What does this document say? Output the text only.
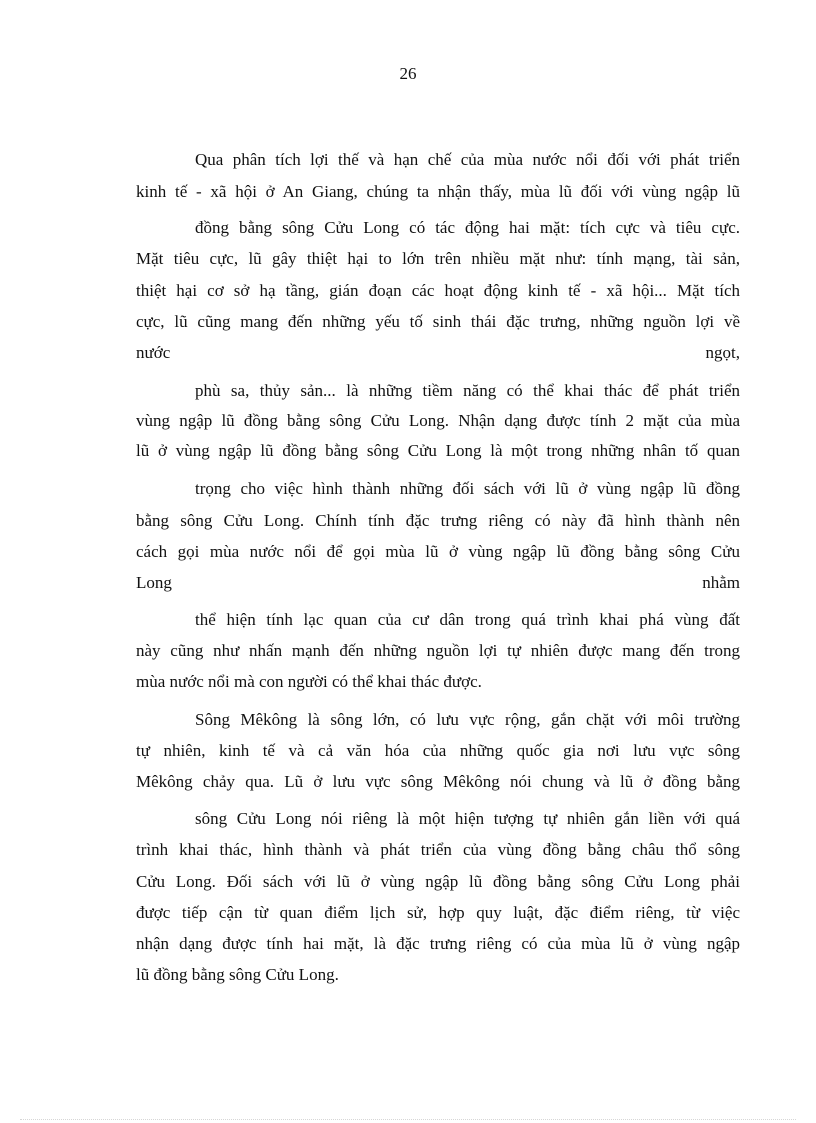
26
Qua phân tích lợi thế và hạn chế của mùa nước nổi đối với phát triển
kinh tế - xã hội ở An Giang, chúng ta nhận thấy, mùa lũ đối với vùng ngập lũ
đồng bằng sông Cửu Long có tác động hai mặt: tích cực và tiêu cực.
Mặt tiêu cực, lũ gây thiệt hại to lớn trên nhiều mặt như: tính mạng, tài sản,
thiệt hại cơ sở hạ tầng, gián đoạn các hoạt động kinh tế - xã hội... Mặt tích
cực, lũ cũng mang đến những yếu tố sinh thái đặc trưng, những nguồn lợi về
nước ngọt,
phù sa, thủy sản... là những tiềm năng có thể khai thác để phát triển
vùng ngập lũ đồng bằng sông Cửu Long. Nhận dạng được tính 2 mặt của mùa
lũ ở vùng ngập lũ đồng bằng sông Cửu Long là một trong những nhân tố quan
trọng cho việc hình thành những đối sách với lũ ở vùng ngập lũ đồng
bằng sông Cửu Long. Chính tính đặc trưng riêng có này đã hình thành nên
cách gọi mùa nước nổi để gọi mùa lũ ở vùng ngập lũ đồng bằng sông Cửu
Long nhằm
thể hiện tính lạc quan của cư dân trong quá trình khai phá vùng đất
này cũng như nhấn mạnh đến những nguồn lợi tự nhiên được mang đến trong
mùa nước nổi mà con người có thể khai thác được.
Sông Mêkông là sông lớn, có lưu vực rộng, gắn chặt với môi trường
tự nhiên, kinh tế và cả văn hóa của những quốc gia nơi lưu vực sông
Mêkông chảy qua. Lũ ở lưu vực sông Mêkông nói chung và lũ ở đồng bằng
sông Cửu Long nói riêng là một hiện tượng tự nhiên gắn liền với quá
trình khai thác, hình thành và phát triển của vùng đồng bằng châu thổ sông
Cửu Long. Đối sách với lũ ở vùng ngập lũ đồng bằng sông Cửu Long phải
được tiếp cận từ quan điểm lịch sử, hợp quy luật, đặc điểm riêng, từ việc
nhận dạng được tính hai mặt, là đặc trưng riêng có của mùa lũ ở vùng ngập
lũ đồng bằng sông Cửu Long.
